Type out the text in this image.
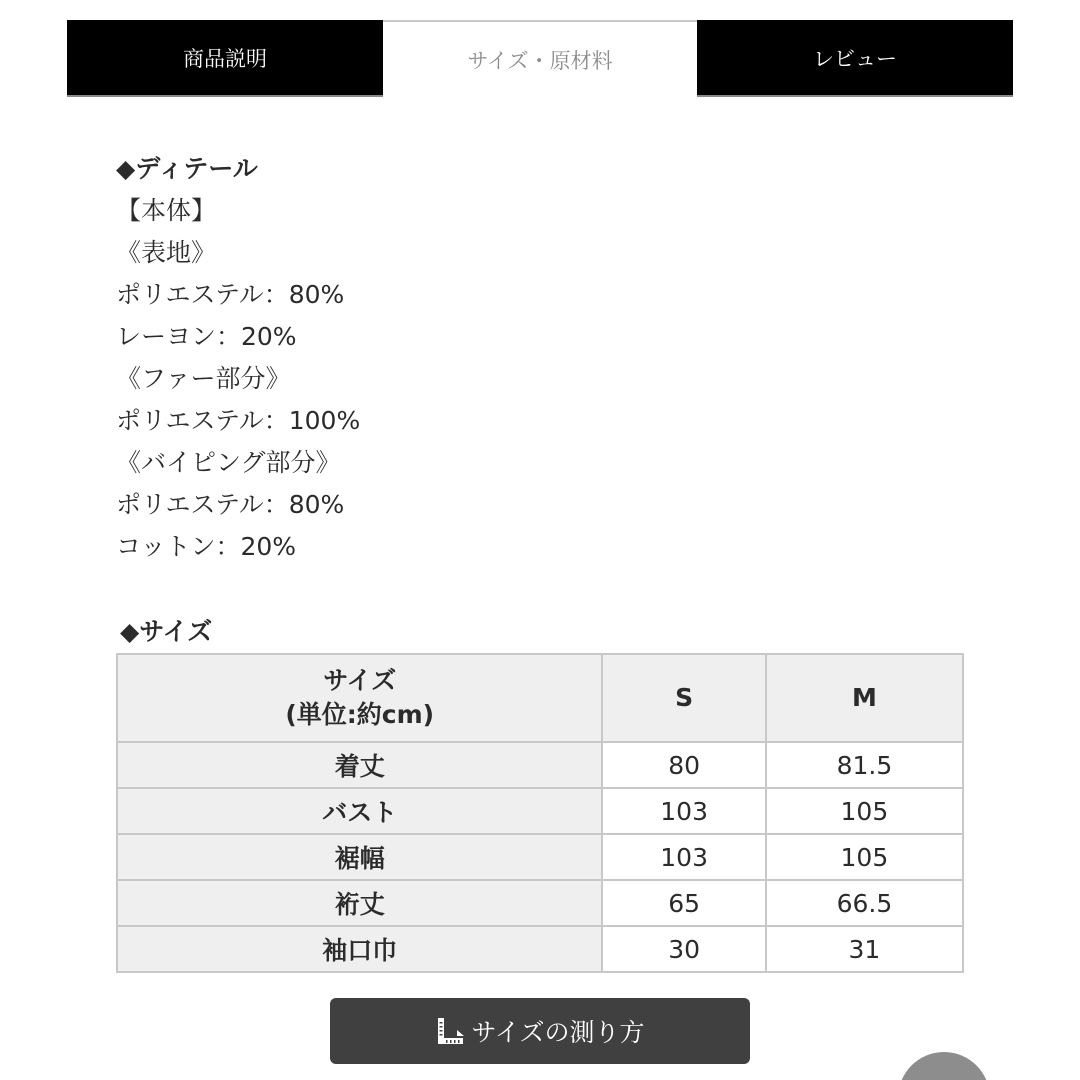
商品説明	サイズ・原材料	レビュー
◆ディテール
【本体】
《表地》
ポリエステル：80%
レーヨン：20%
《ファー部分》
ポリエステル：100%
《バイピング部分》
ポリエステル：80%
コットン：20%
◆サイズ
サイズ
(単位:約cm)	S	M
着丈	80	81.5
バスト	103	105
裾幅	103	105
裄丈	65	66.5
袖口巾	30	31
サイズの測り方
